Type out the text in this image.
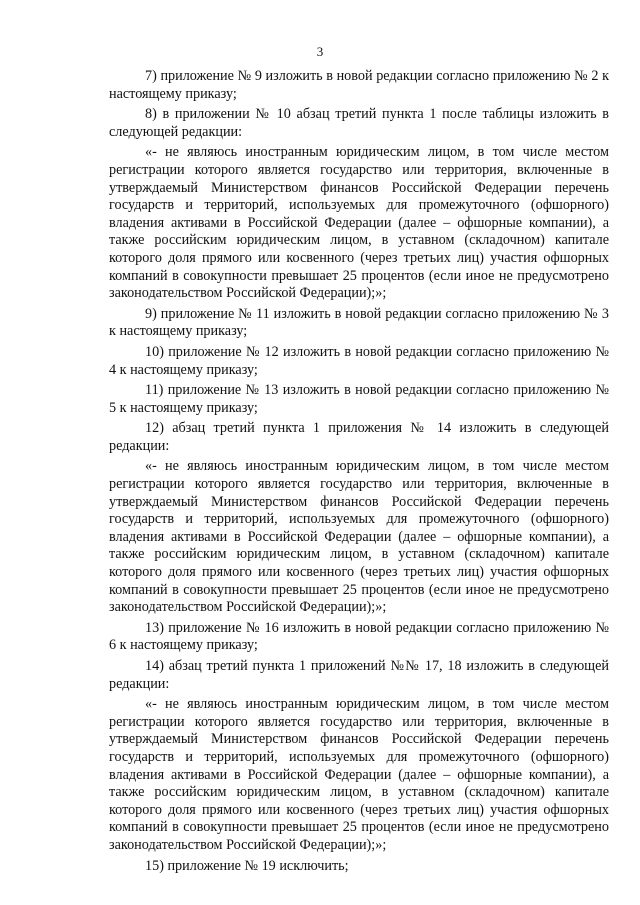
3

7) приложение № 9 изложить в новой редакции согласно приложению № 2 к настоящему приказу;

8) в приложении № 10 абзац третий пункта 1 после таблицы изложить в следующей редакции:

«- не являюсь иностранным юридическим лицом, в том числе местом регистрации которого является государство или территория, включенные в утверждаемый Министерством финансов Российской Федерации перечень государств и территорий, используемых для промежуточного (офшорного) владения активами в Российской Федерации (далее – офшорные компании), а также российским юридическим лицом, в уставном (складочном) капитале которого доля прямого или косвенного (через третьих лиц) участия офшорных компаний в совокупности превышает 25 процентов (если иное не предусмотрено законодательством Российской Федерации);»;

9) приложение № 11 изложить в новой редакции согласно приложению № 3 к настоящему приказу;

10) приложение № 12 изложить в новой редакции согласно приложению № 4 к настоящему приказу;

11) приложение № 13 изложить в новой редакции согласно приложению № 5 к настоящему приказу;

12) абзац третий пункта 1 приложения № 14 изложить в следующей редакции:

«- не являюсь иностранным юридическим лицом, в том числе местом регистрации которого является государство или территория, включенные в утверждаемый Министерством финансов Российской Федерации перечень государств и территорий, используемых для промежуточного (офшорного) владения активами в Российской Федерации (далее – офшорные компании), а также российским юридическим лицом, в уставном (складочном) капитале которого доля прямого или косвенного (через третьих лиц) участия офшорных компаний в совокупности превышает 25 процентов (если иное не предусмотрено законодательством Российской Федерации);»;

13) приложение № 16 изложить в новой редакции согласно приложению № 6 к настоящему приказу;

14) абзац третий пункта 1 приложений №№ 17, 18 изложить в следующей редакции:

«- не являюсь иностранным юридическим лицом, в том числе местом регистрации которого является государство или территория, включенные в утверждаемый Министерством финансов Российской Федерации перечень государств и территорий, используемых для промежуточного (офшорного) владения активами в Российской Федерации (далее – офшорные компании), а также российским юридическим лицом, в уставном (складочном) капитале которого доля прямого или косвенного (через третьих лиц) участия офшорных компаний в совокупности превышает 25 процентов (если иное не предусмотрено законодательством Российской Федерации);»;

15) приложение № 19 исключить;
